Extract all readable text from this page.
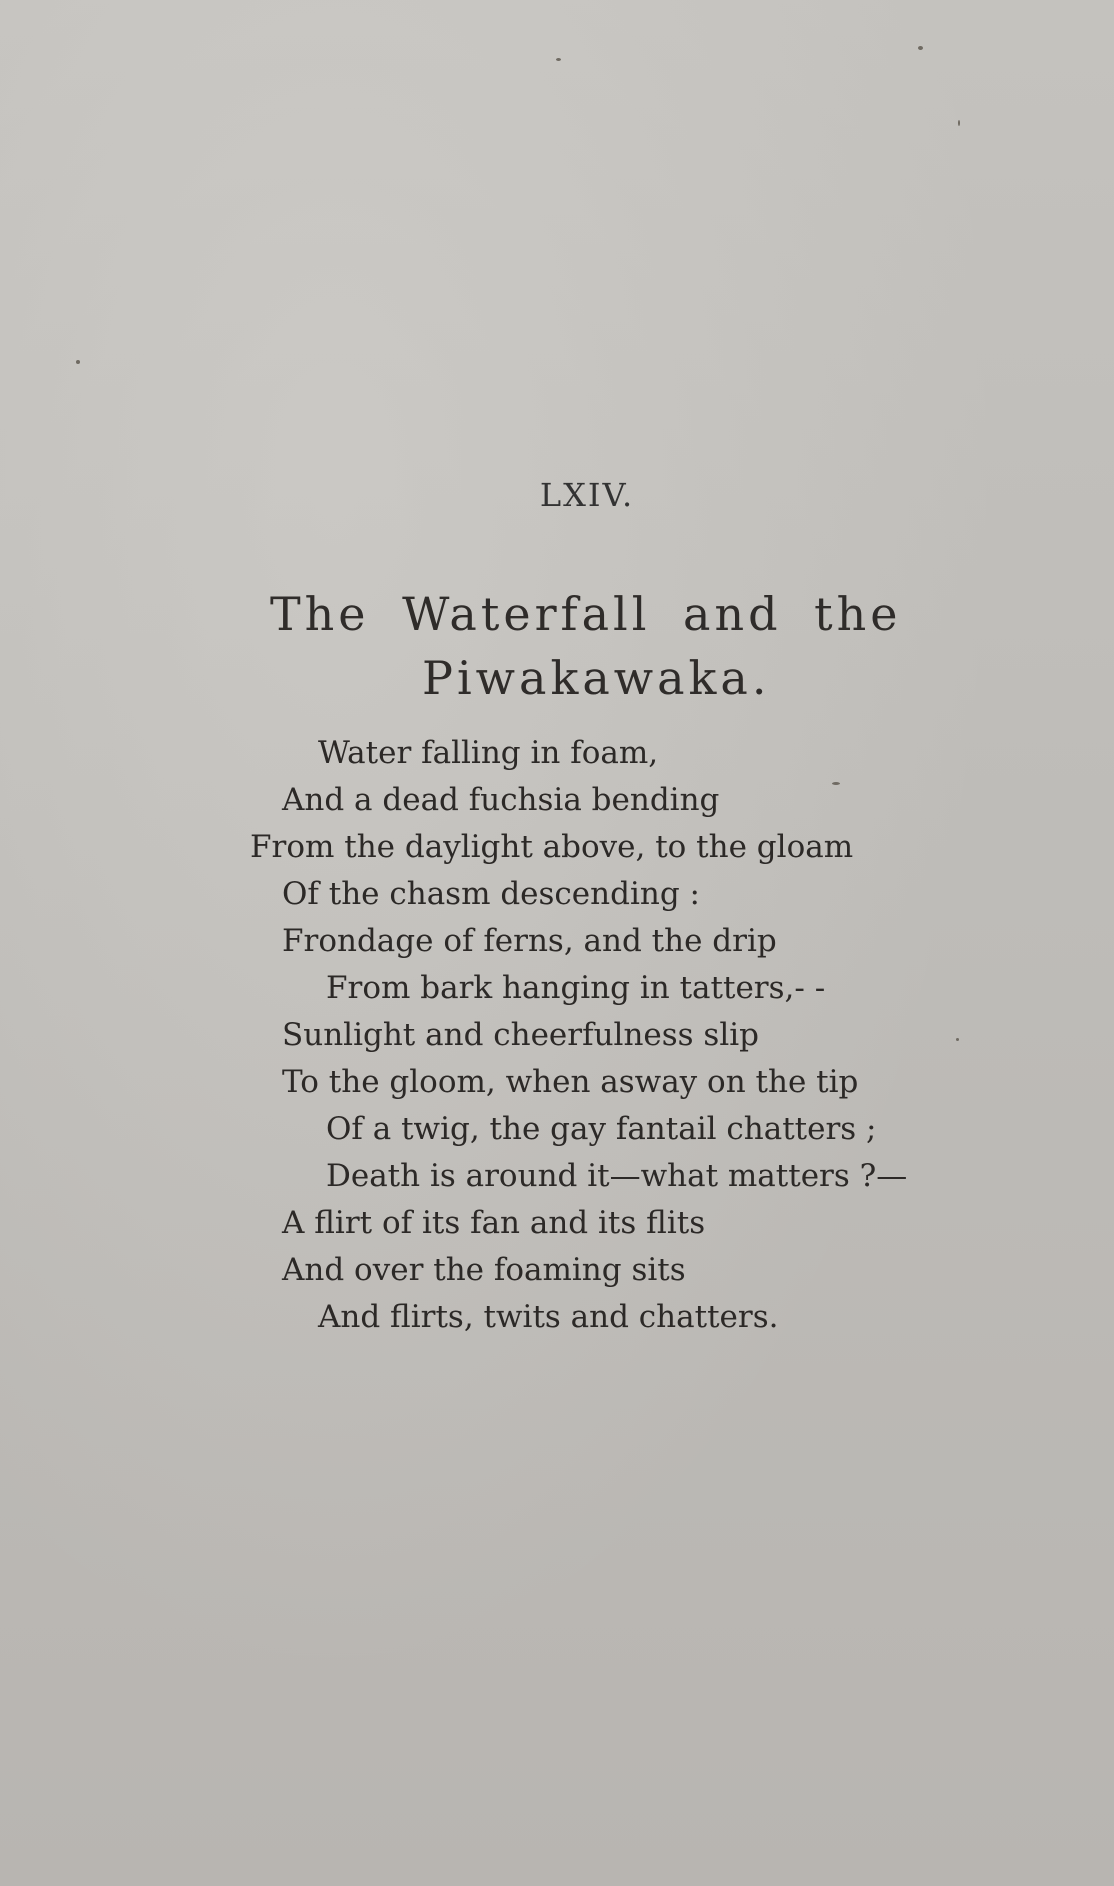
LXIV.
The Waterfall and the
Piwakawaka.
Water falling in foam,
And a dead fuchsia bending
From the daylight above, to the gloam
Of the chasm descending :
Frondage of ferns, and the drip
From bark hanging in tatters,- -
Sunlight and cheerfulness slip
To the gloom, when asway on the tip
Of a twig, the gay fantail chatters ;
Death is around it—what matters ?—
A flirt of its fan and its flits
And over the foaming sits
And flirts, twits and chatters.
